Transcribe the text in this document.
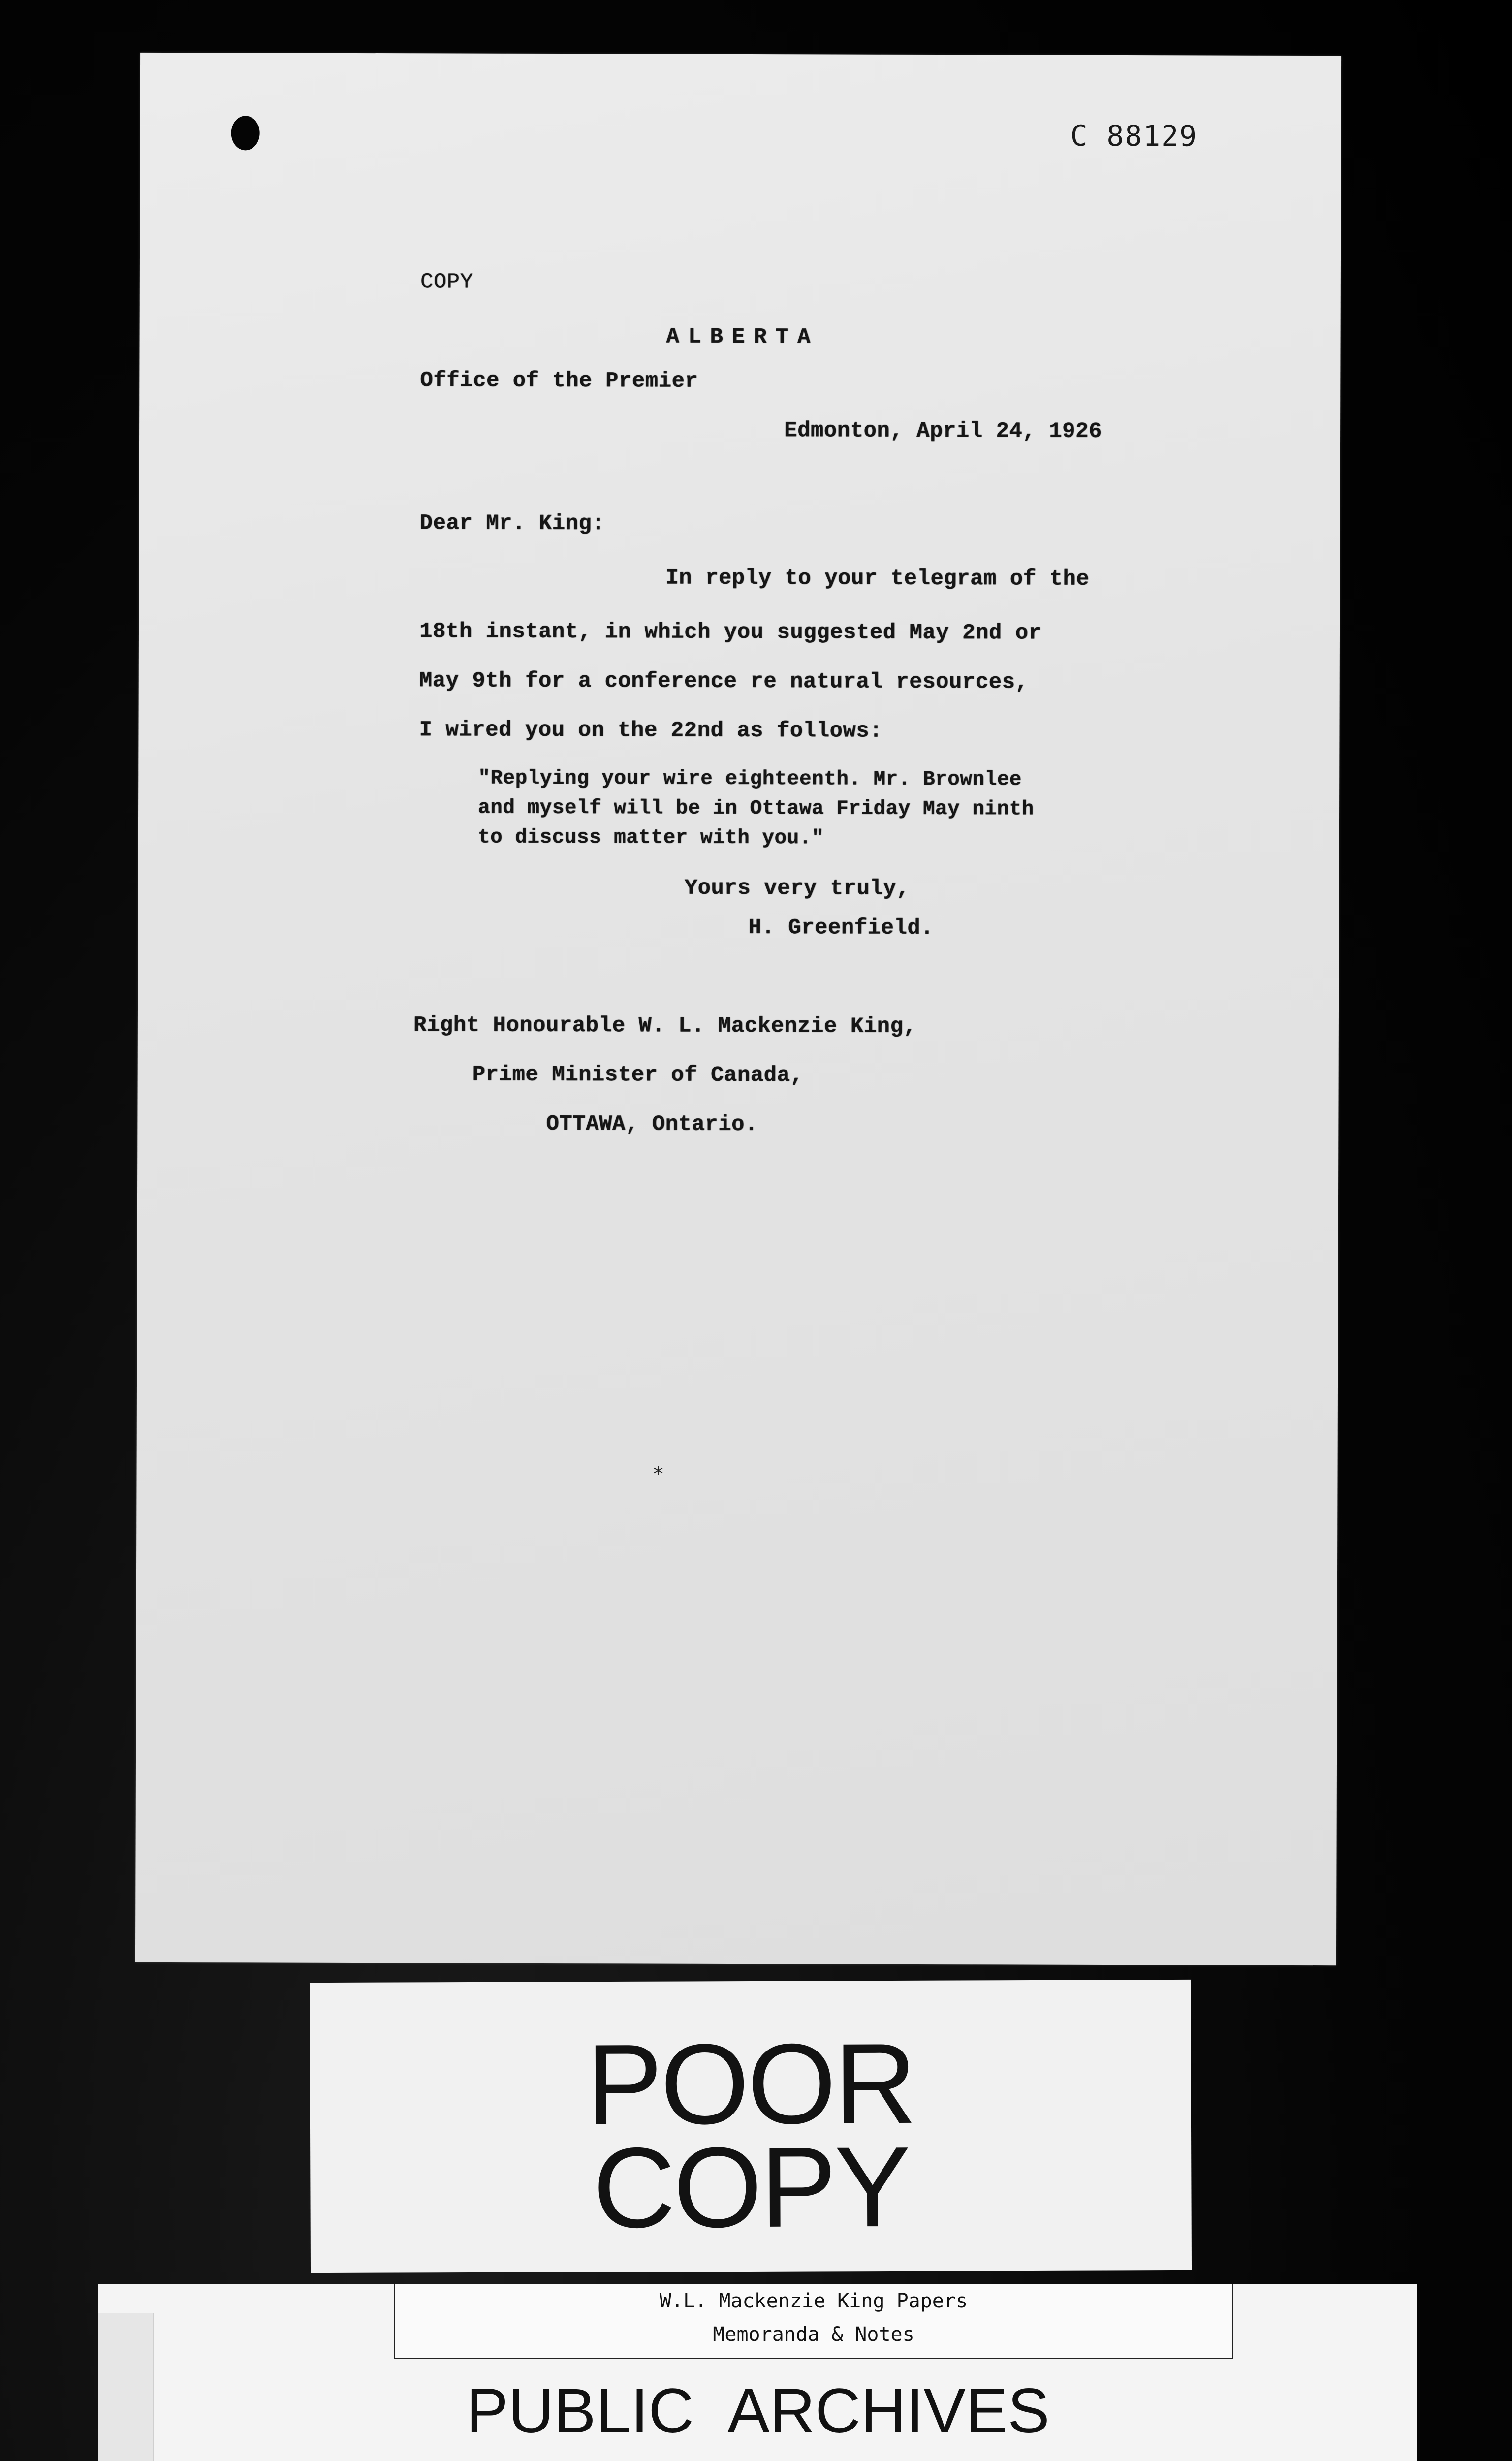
C 88129
COPY
ALBERTA
Office of the Premier
Edmonton, April 24, 1926
Dear Mr. King:
In reply to your telegram of the
18th instant, in which you suggested May 2nd or
May 9th for a conference re natural resources,
I wired you on the 22nd as follows:
"Replying your wire eighteenth. Mr. Brownlee
and myself will be in Ottawa Friday May ninth
to discuss matter with you."
Yours very truly,
H. Greenfield.
Right Honourable W. L. Mackenzie King,
Prime Minister of Canada,
OTTAWA, Ontario.
⁎
POOR
COPY
W.L. Mackenzie King Papers
Memoranda & Notes
PUBLIC ARCHIVES
